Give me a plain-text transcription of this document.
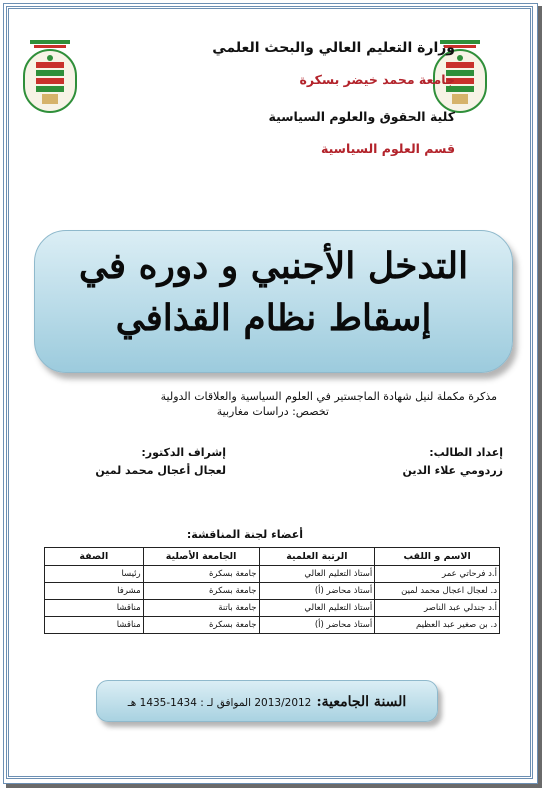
وزارة التعليم العالي والبحث العلمي
جامعة محمد خيضر بسكرة
كلية الحقوق والعلوم السياسية
قسم العلوم السياسية
التدخل الأجنبي و دوره في
إسقاط نظام القذافي
مذكرة مكملة لنيل شهادة الماجستير في العلوم السياسية والعلاقات الدولية
تخصص: دراسات مغاربية
إعداد الطالب:
زردومي علاء الدين
إشراف الدكتور:
لعجال أعجال محمد لمين
أعضاء لجنة المناقشة:
الاسم و اللقب	الرتبة العلمية	الجامعة الأصلية	الصفة
أ.د فرحاتي عمر	أستاذ التعليم العالي	جامعة بسكرة	رئيسا
د. لعجال اعجال محمد لمين	أستاذ محاضر (أ)	جامعة بسكرة	مشرفا
أ.د جندلي عبد الناصر	أستاذ التعليم العالي	جامعة باتنة	مناقشا
د. بن صغير عبد العظيم	أستاذ محاضر (أ)	جامعة بسكرة	مناقشا
السنة الجامعية: 2013/2012 الموافق لـ : 1434-1435 هـ
